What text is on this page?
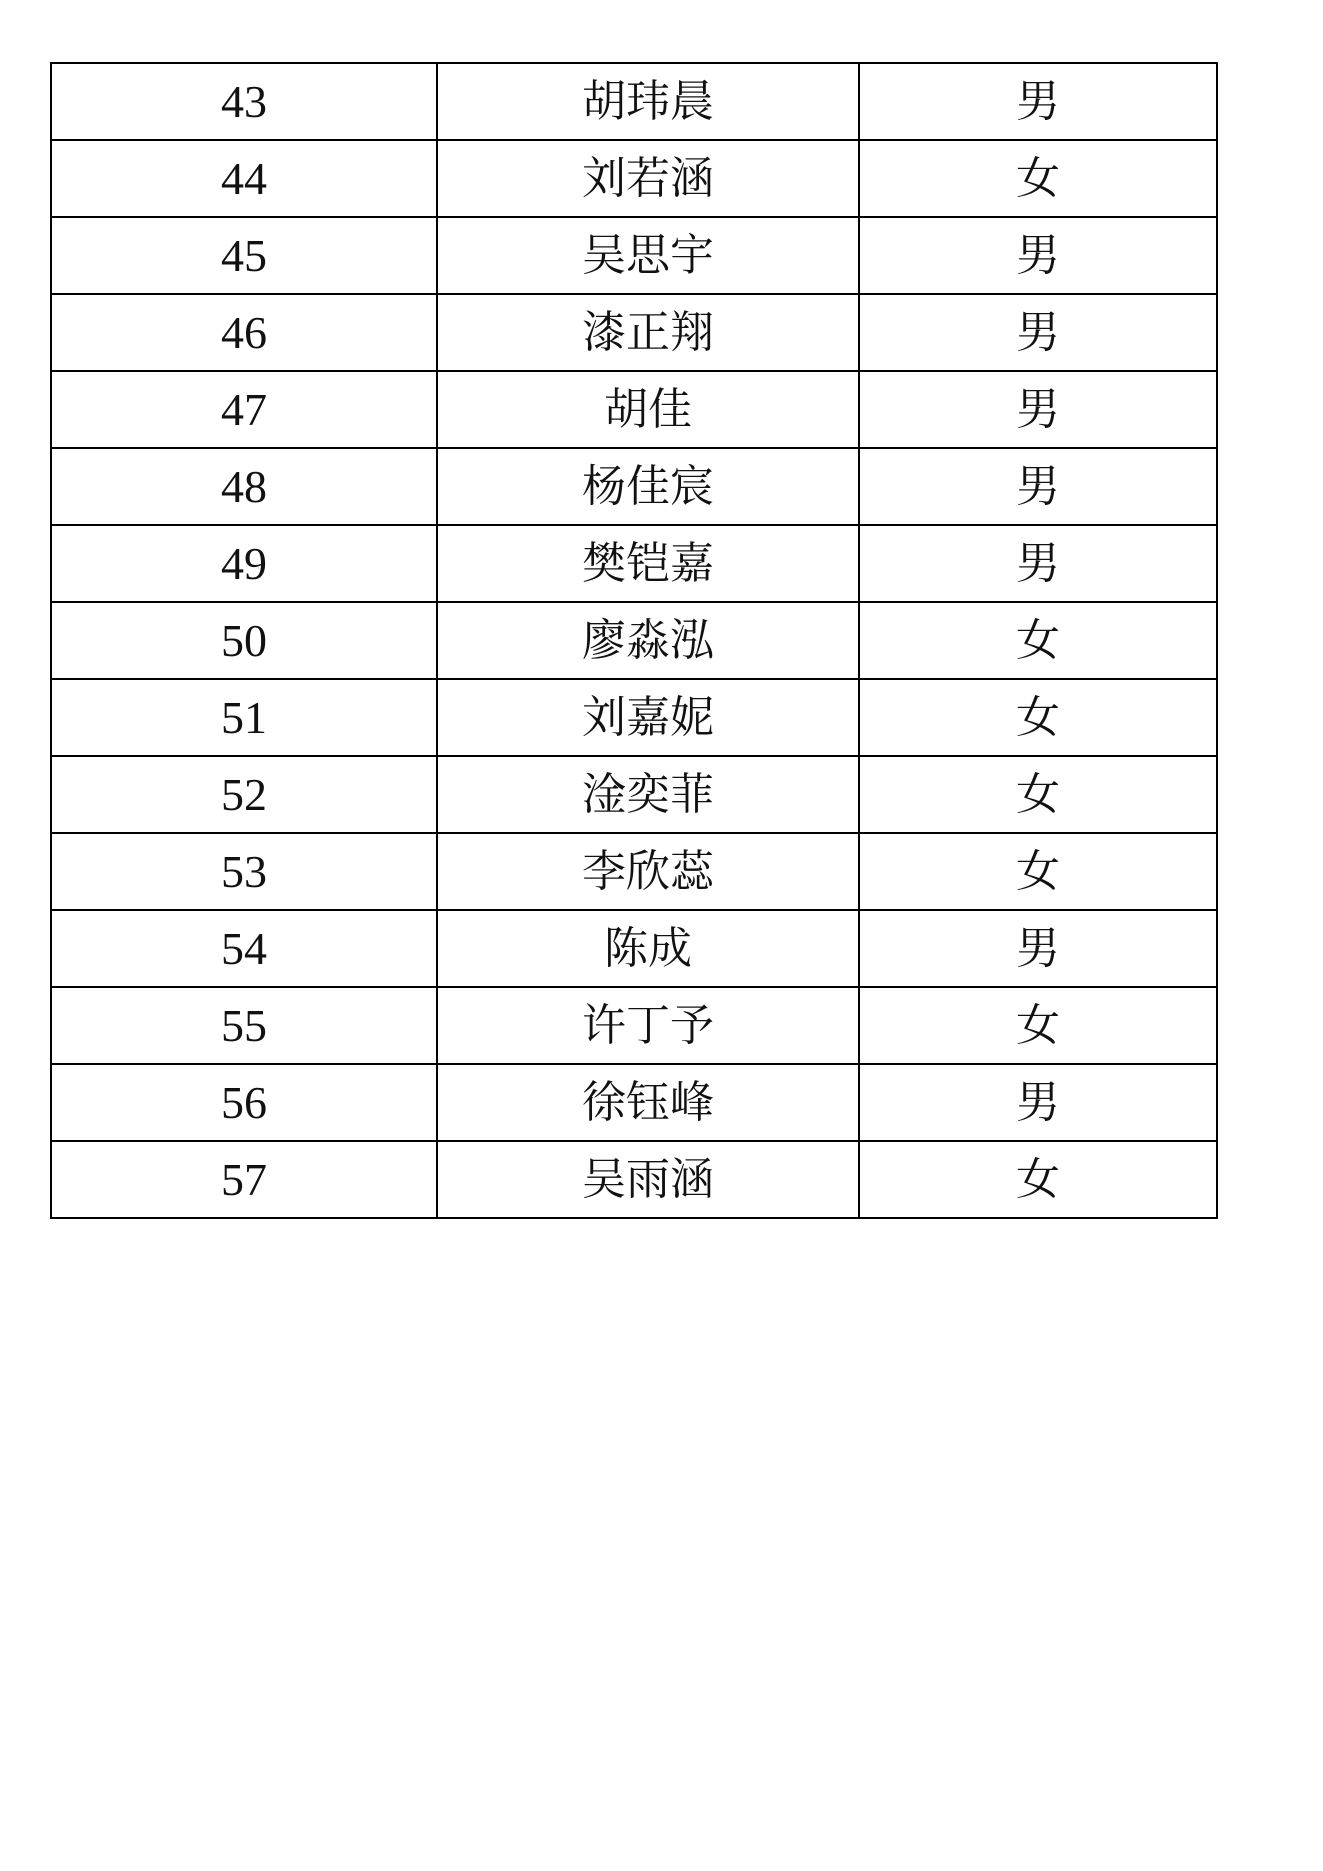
43	胡玮晨	男
44	刘若涵	女
45	吴思宇	男
46	漆正翔	男
47	胡佳	男
48	杨佳宸	男
49	樊铠嘉	男
50	廖淼泓	女
51	刘嘉妮	女
52	淦奕菲	女
53	李欣蕊	女
54	陈成	男
55	许丁予	女
56	徐钰峰	男
57	吴雨涵	女
